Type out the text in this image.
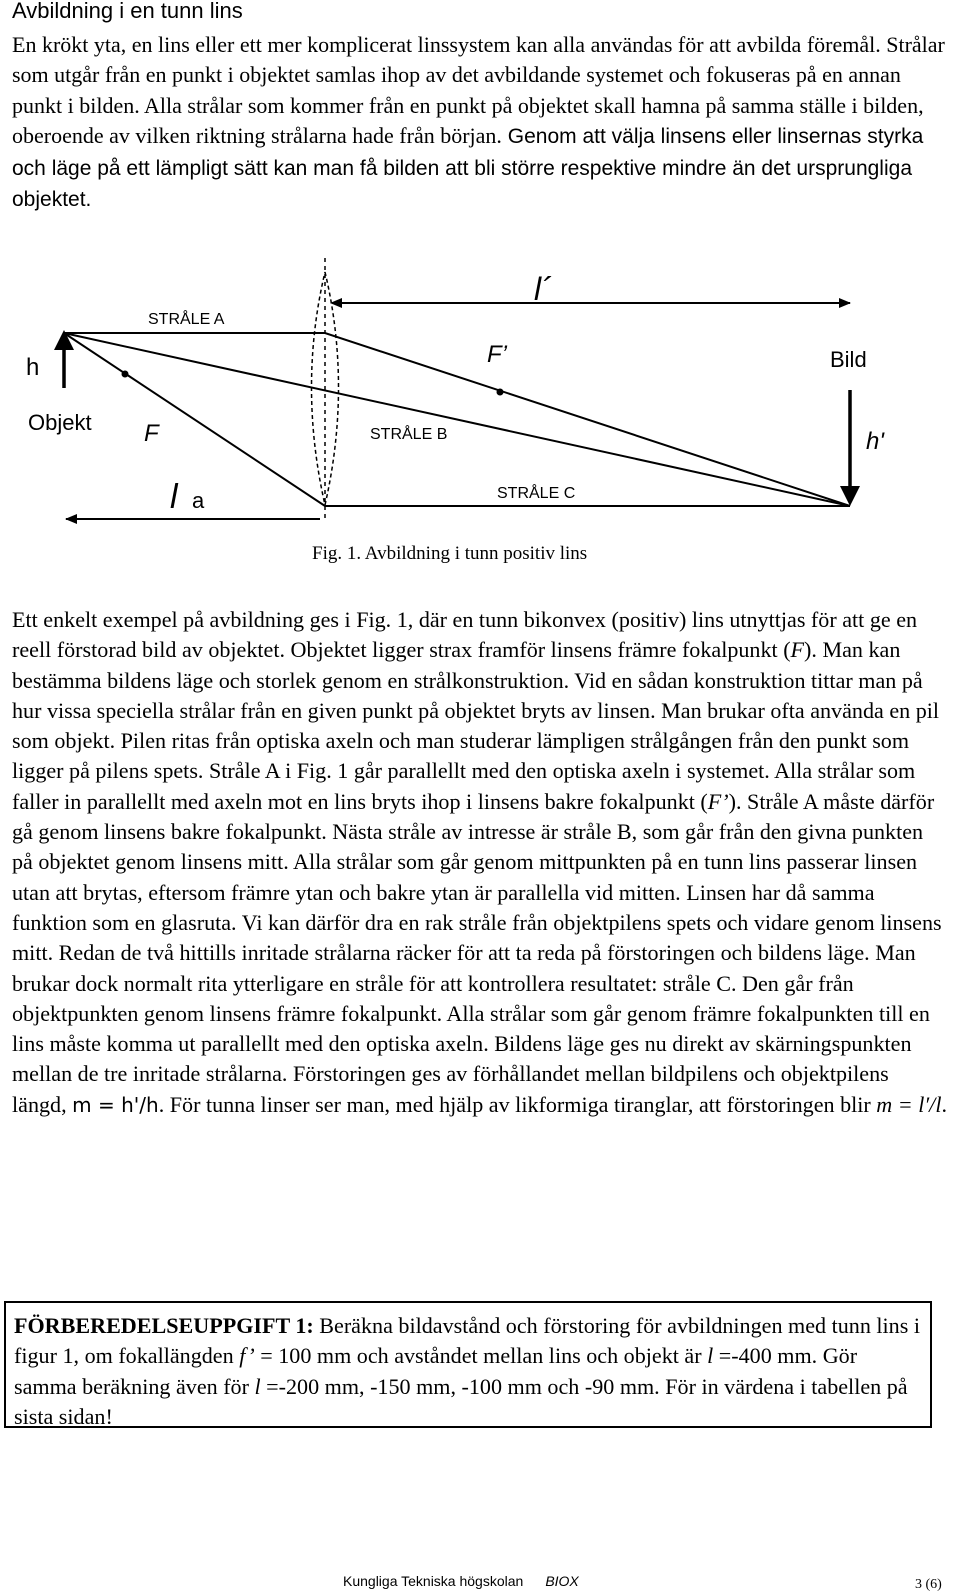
Avbildning i en tunn lins
En krökt yta, en lins eller ett mer komplicerat linssystem kan alla användas för att avbilda föremål. Strålar som utgår från en punkt i objektet samlas ihop av det avbildande systemet och fokuseras på en annan punkt i bilden. Alla strålar som kommer från en punkt på objektet skall hamna på samma ställe i bilden, oberoende av vilken riktning strålarna hade från början. Genom att välja linsens eller linsernas styrka och läge på ett lämpligt sätt kan man få bilden att bli större respektive mindre än det ursprungliga objektet.
h
Objekt F
l a
F’
l´
Bild
h'
STRÅLE A
STRÅLE B
STRÅLE C
Fig. 1. Avbildning i tunn positiv lins
Ett enkelt exempel på avbildning ges i Fig. 1, där en tunn bikonvex (positiv) lins utnyttjas för att ge en reell förstorad bild av objektet. Objektet ligger strax framför linsens främre fokalpunkt (F). Man kan bestämma bildens läge och storlek genom en strålkonstruktion. Vid en sådan konstruktion tittar man på hur vissa speciella strålar från en given punkt på objektet bryts av linsen. Man brukar ofta använda en pil som objekt. Pilen ritas från optiska axeln och man studerar lämpligen strålgången från den punkt som ligger på pilens spets. Stråle A i Fig. 1 går parallellt med den optiska axeln i systemet. Alla strålar som faller in parallellt med axeln mot en lins bryts ihop i linsens bakre fokalpunkt (F’). Stråle A måste därför gå genom linsens bakre fokalpunkt. Nästa stråle av intresse är stråle B, som går från den givna punkten på objektet genom linsens mitt. Alla strålar som går genom mittpunkten på en tunn lins passerar linsen utan att brytas, eftersom främre ytan och bakre ytan är parallella vid mitten. Linsen har då samma funktion som en glasruta. Vi kan därför dra en rak stråle från objektpilens spets och vidare genom linsens mitt. Redan de två hittills inritade strålarna räcker för att ta reda på förstoringen och bildens läge. Man brukar dock normalt rita ytterligare en stråle för att kontrollera resultatet: stråle C. Den går från objektpunkten genom linsens främre fokalpunkt. Alla strålar som går genom främre fokalpunkten till en lins måste komma ut parallellt med den optiska axeln. Bildens läge ges nu direkt av skärningspunkten mellan de tre inritade strålarna. Förstoringen ges av förhållandet mellan bildpilens och objektpilens längd, m = h'/h. För tunna linser ser man, med hjälp av likformiga tiranglar, att förstoringen blir m = l′/l.
FÖRBEREDELSEUPPGIFT 1: Beräkna bildavstånd och förstoring för avbildningen med tunn lins i figur 1, om fokallängden f’ = 100 mm och avståndet mellan lins och objekt är l =-400 mm. Gör samma beräkning även för l =-200 mm, -150 mm, -100 mm och -90 mm. För in värdena i tabellen på sista sidan!
Kungliga Tekniska högskolan BIOX	3 (6)
